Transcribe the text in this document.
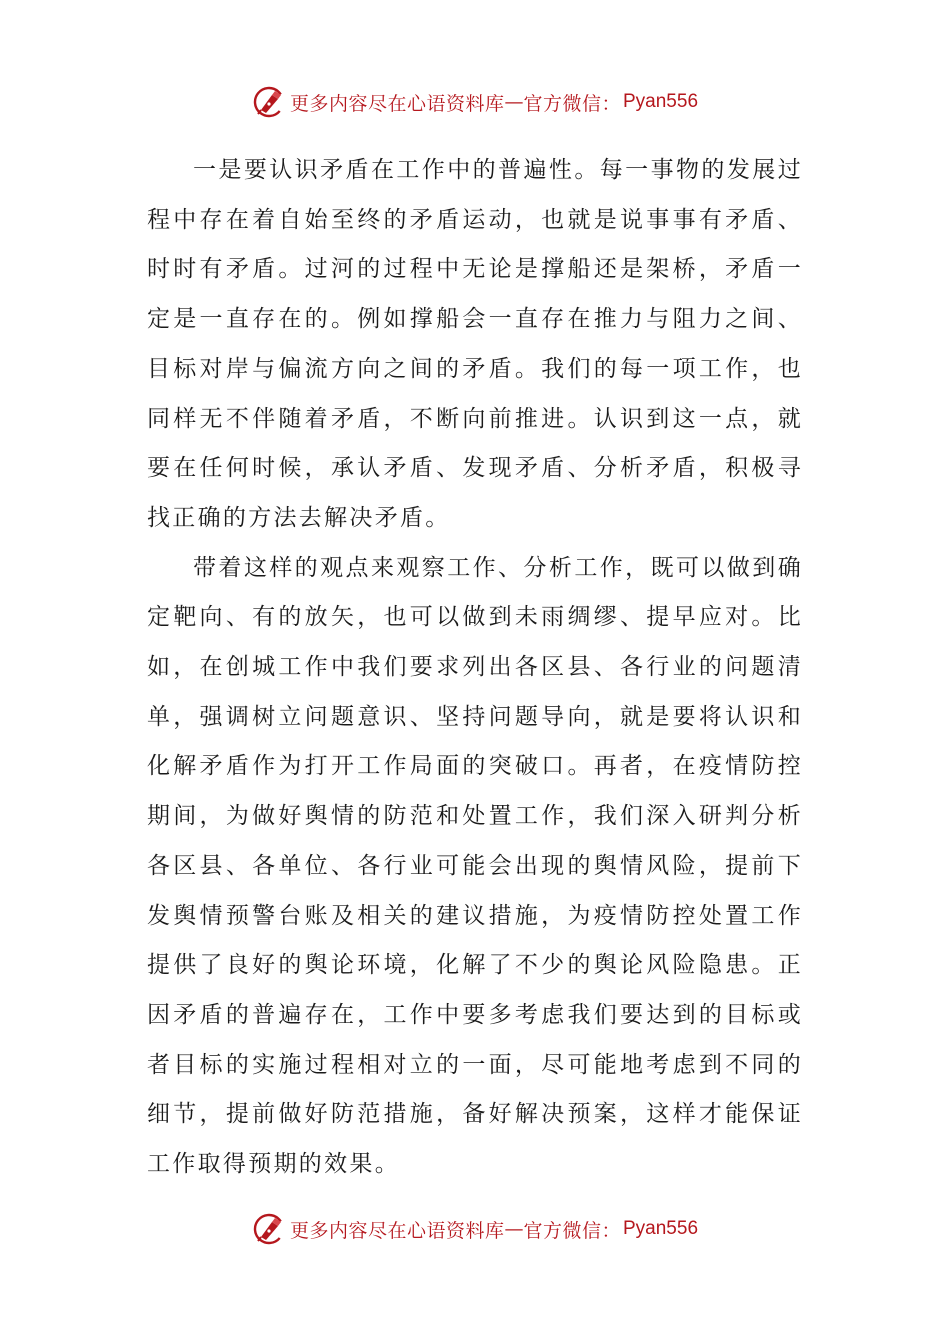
更多内容尽在心语资料库 — 官方微信： Pyan556

一是要认识矛盾在工作中的普遍性。每一事物的发展过程中存在着自始至终的矛盾运动，也就是说事事有矛盾、时时有矛盾。过河的过程中无论是撑船还是架桥，矛盾一定是一直存在的。例如撑船会一直存在推力与阻力之间、目标对岸与偏流方向之间的矛盾。我们的每一项工作，也同样无不伴随着矛盾，不断向前推进。认识到这一点，就要在任何时候，承认矛盾、发现矛盾、分析矛盾，积极寻找正确的方法去解决矛盾。

带着这样的观点来观察工作、分析工作，既可以做到确定靶向、有的放矢，也可以做到未雨绸缪、提早应对。比如，在创城工作中我们要求列出各区县、各行业的问题清单，强调树立问题意识、坚持问题导向，就是要将认识和化解矛盾作为打开工作局面的突破口。再者，在疫情防控期间，为做好舆情的防范和处置工作，我们深入研判分析各区县、各单位、各行业可能会出现的舆情风险，提前下发舆情预警台账及相关的建议措施，为疫情防控处置工作提供了良好的舆论环境，化解了不少的舆论风险隐患。正因矛盾的普遍存在，工作中要多考虑我们要达到的目标或者目标的实施过程相对立的一面，尽可能地考虑到不同的细节，提前做好防范措施，备好解决预案，这样才能保证工作取得预期的效果。

更多内容尽在心语资料库 — 官方微信： Pyan556
